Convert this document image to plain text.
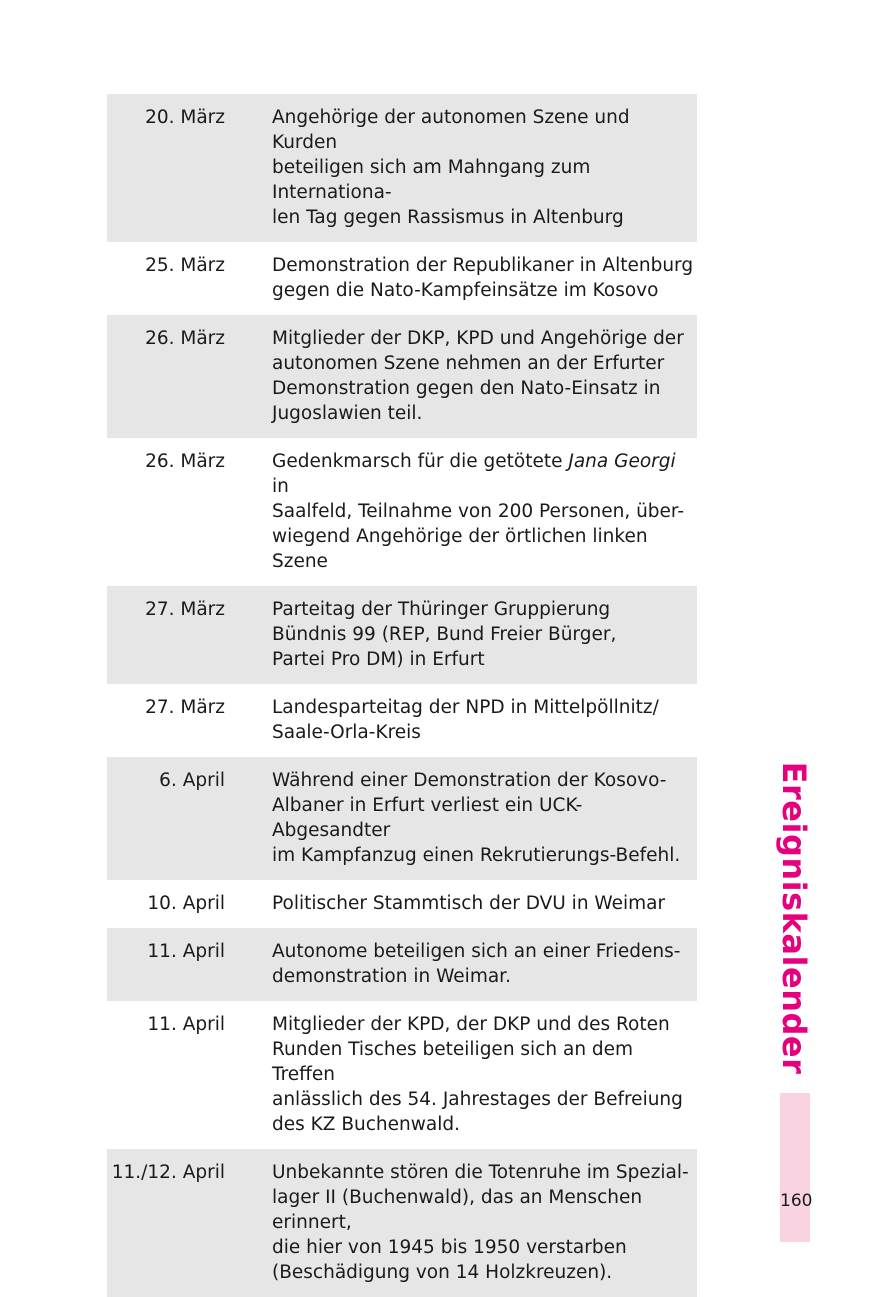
20. März	Angehörige der autonomen Szene und Kurden
beteiligen sich am Mahngang zum Internationa-
len Tag gegen Rassismus in Altenburg
25. März	Demonstration der Republikaner in Altenburg
gegen die Nato-Kampfeinsätze im Kosovo
26. März	Mitglieder der DKP, KPD und Angehörige der
autonomen Szene nehmen an der Erfurter
Demonstration gegen den Nato-Einsatz in
Jugoslawien teil.
26. März	Gedenkmarsch für die getötete Jana Georgi in
Saalfeld, Teilnahme von 200 Personen, über-
wiegend Angehörige der örtlichen linken Szene
27. März	Parteitag der Thüringer Gruppierung
Bündnis 99 (REP, Bund Freier Bürger,
Partei Pro DM) in Erfurt
27. März	Landesparteitag der NPD in Mittelpöllnitz/
Saale-Orla-Kreis
6. April	Während einer Demonstration der Kosovo-
Albaner in Erfurt verliest ein UCK-Abgesandter
im Kampfanzug einen Rekrutierungs-Befehl.
10. April	Politischer Stammtisch der DVU in Weimar
11. April	Autonome beteiligen sich an einer Friedens-
demonstration in Weimar.
11. April	Mitglieder der KPD, der DKP und des Roten
Runden Tisches beteiligen sich an dem Treffen
anlässlich des 54. Jahrestages der Befreiung
des KZ Buchenwald.
11./12. April	Unbekannte stören die Totenruhe im Spezial-
lager II (Buchenwald), das an Menschen erinnert,
die hier von 1945 bis 1950 verstarben
(Beschädigung von 14 Holzkreuzen).
Ereigniskalender
160
